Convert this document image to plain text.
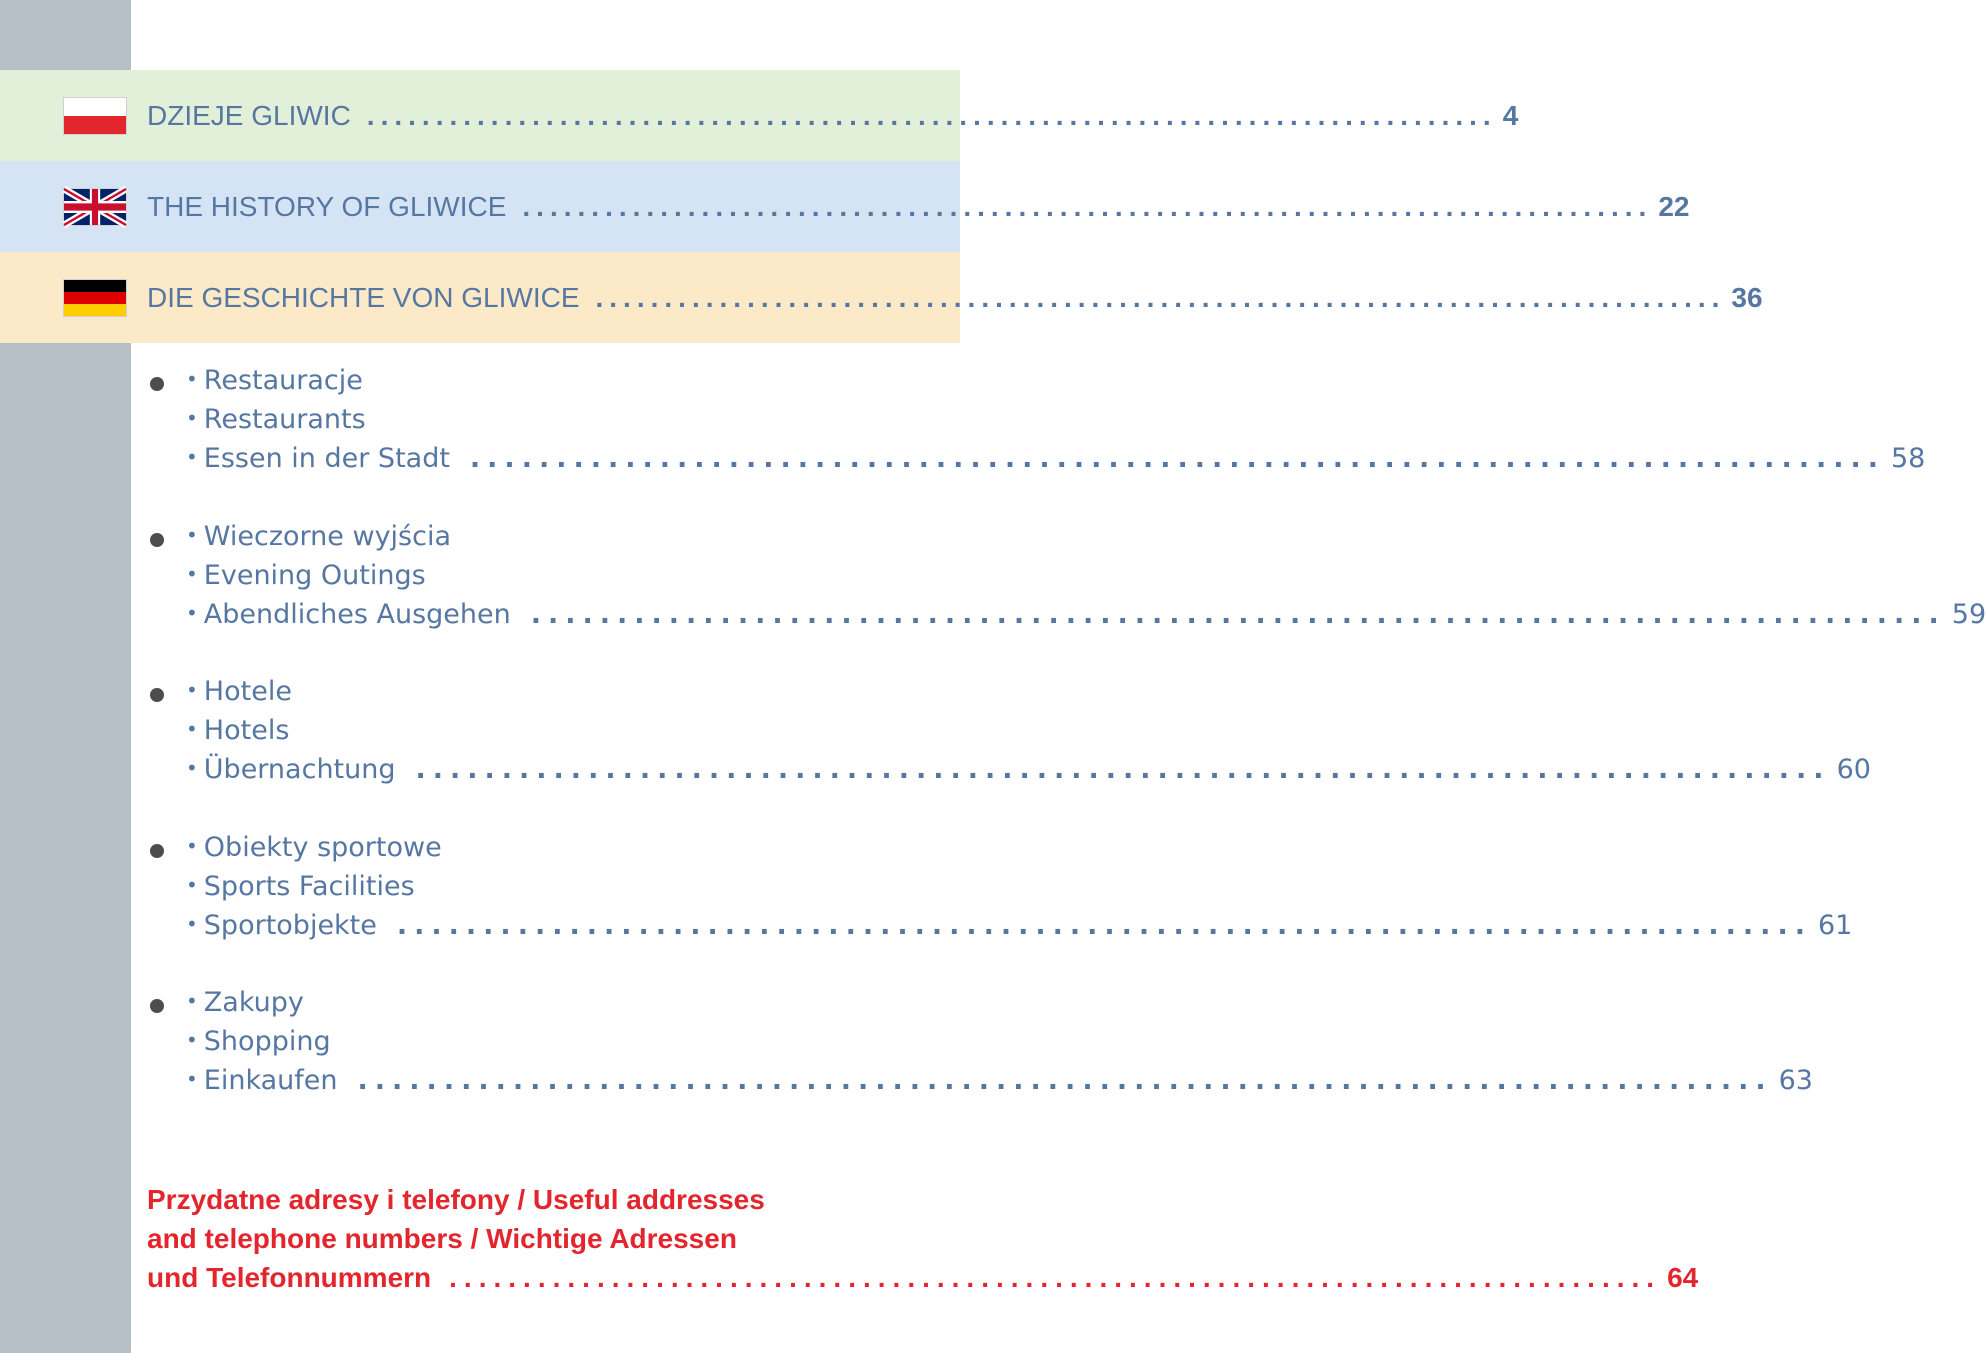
DZIEJE GLIWIC .................................................................................. 4
THE HISTORY OF GLIWICE .................................................................................. 22
DIE GESCHICHTE VON GLIWICE .................................................................................. 36
• Restauracje
• Restaurants
• Essen in der Stadt .................................................................................. 58
• Wieczorne wyjścia
• Evening Outings
• Abendliches Ausgehen .................................................................................. 59
• Hotele
• Hotels
• Übernachtung .................................................................................. 60
• Obiekty sportowe
• Sports Facilities
• Sportobjekte .................................................................................. 61
• Zakupy
• Shopping
• Einkaufen .................................................................................. 63
Przydatne adresy i telefony / Useful addresses
and telephone numbers / Wichtige Adressen
und Telefonnummern .................................................................................. 64
